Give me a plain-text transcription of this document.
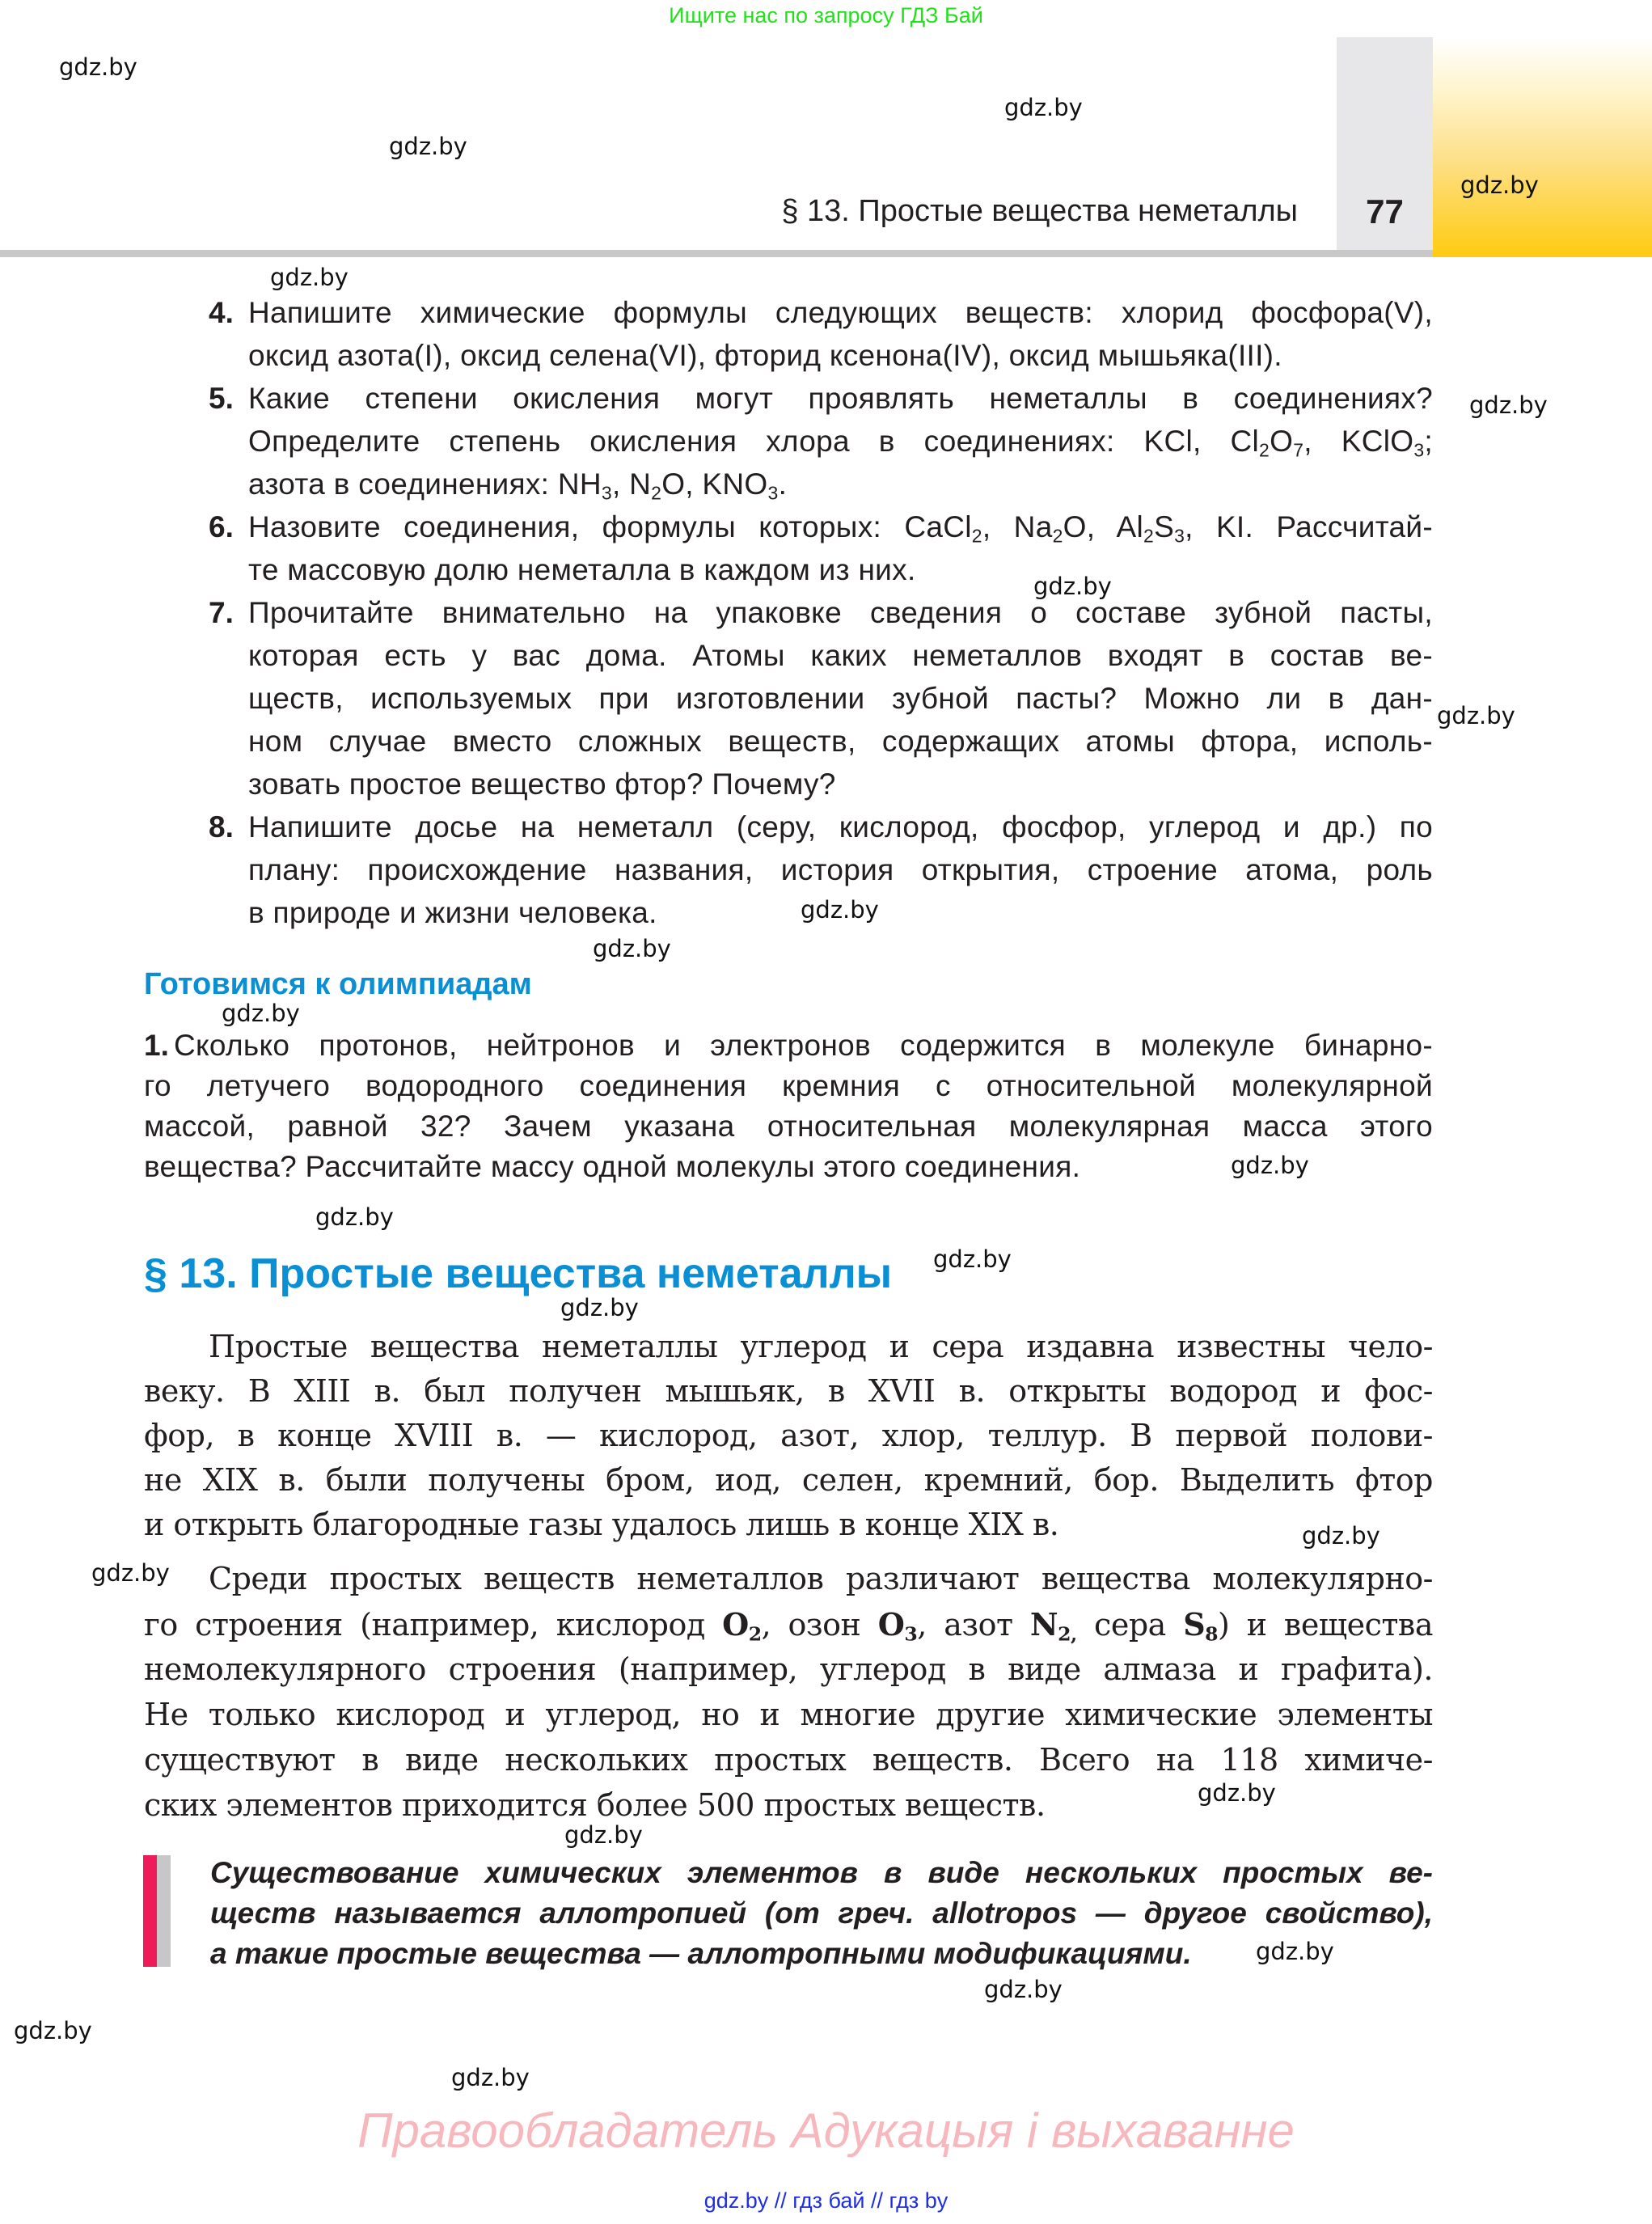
Ищите нас по запросу ГДЗ Бай
§ 13. Простые вещества неметаллы	77
4. Напишите химические формулы следующих веществ: хлорид фосфора(V),
оксид азота(I), оксид селена(VI), фторид ксенона(IV), оксид мышьяка(III).
5. Какие степени окисления могут проявлять неметаллы в соединениях?
Определите степень окисления хлора в соединениях: KCl, $Cl_2O_7$, KClO$_3$;
азота в соединениях: $NH_3$, $N_2O$, $KNO_3$.
6. Назовите соединения, формулы которых: CaCl$_2$, $Na_2O$, $Al_2S_3$, KI. Рассчитай-
те массовую долю неметалла в каждом из них.
7. Прочитайте внимательно на упаковке сведения о составе зубной пасты,
которая есть у вас дома. Атомы каких неметаллов входят в состав ве-
ществ, используемых при изготовлении зубной пасты? Можно ли в дан-
ном случае вместо сложных веществ, содержащих атомы фтора, исполь-
зовать простое вещество фтор? Почему?
8. Напишите досье на неметалл (серу, кислород, фосфор, углерод и др.) по
плану: происхождение названия, история открытия, строение атома, роль
в природе и жизни человека.
Готовимся к олимпиадам
1. Сколько протонов, нейтронов и электронов содержится в молекуле бинарно-
го летучего водородного соединения кремния с относительной молекулярной
массой, равной 32? Зачем указана относительная молекулярная масса этого
вещества? Рассчитайте массу одной молекулы этого соединения.
§ 13. Простые вещества неметаллы
Простые вещества неметаллы углерод и сера издавна известны чело-
веку. В XIII в. был получен мышьяк, в XVII в. открыты водород и фос-
фор, в конце XVIII в. — кислород, азот, хлор, теллур. В первой полови-
не XIX в. были получены бром, иод, селен, кремний, бор. Выделить фтор
и открыть благородные газы удалось лишь в конце XIX в.
Среди простых веществ неметаллов различают вещества молекулярно-
го строения (например, кислород $O_2$, озон $O_3$, азот $N_{2,}$ сера $S_8$) и вещества
немолекулярного строения (например, углерод в виде алмаза и графита).
Не только кислород и углерод, но и многие другие химические элементы
существуют в виде нескольких простых веществ. Всего на 118 химиче-
ских элементов приходится более 500 простых веществ.
Существование химических элементов в виде нескольких простых ве-
ществ называется аллотропией (от греч. allotropos — другое свойство),
а такие простые вещества — аллотропными модификациями.
gdz.by
gdz.by
gdz.by
gdz.by
gdz.by
gdz.by
gdz.by
gdz.by
gdz.by
gdz.by
gdz.by
gdz.by
gdz.by
gdz.by
gdz.by
gdz.by
gdz.by
gdz.by
gdz.by
gdz.by
gdz.by
gdz.by
gdz.by
Правообладатель Адукацыя і выхаванне
gdz.by // гдз бай // гдз by
